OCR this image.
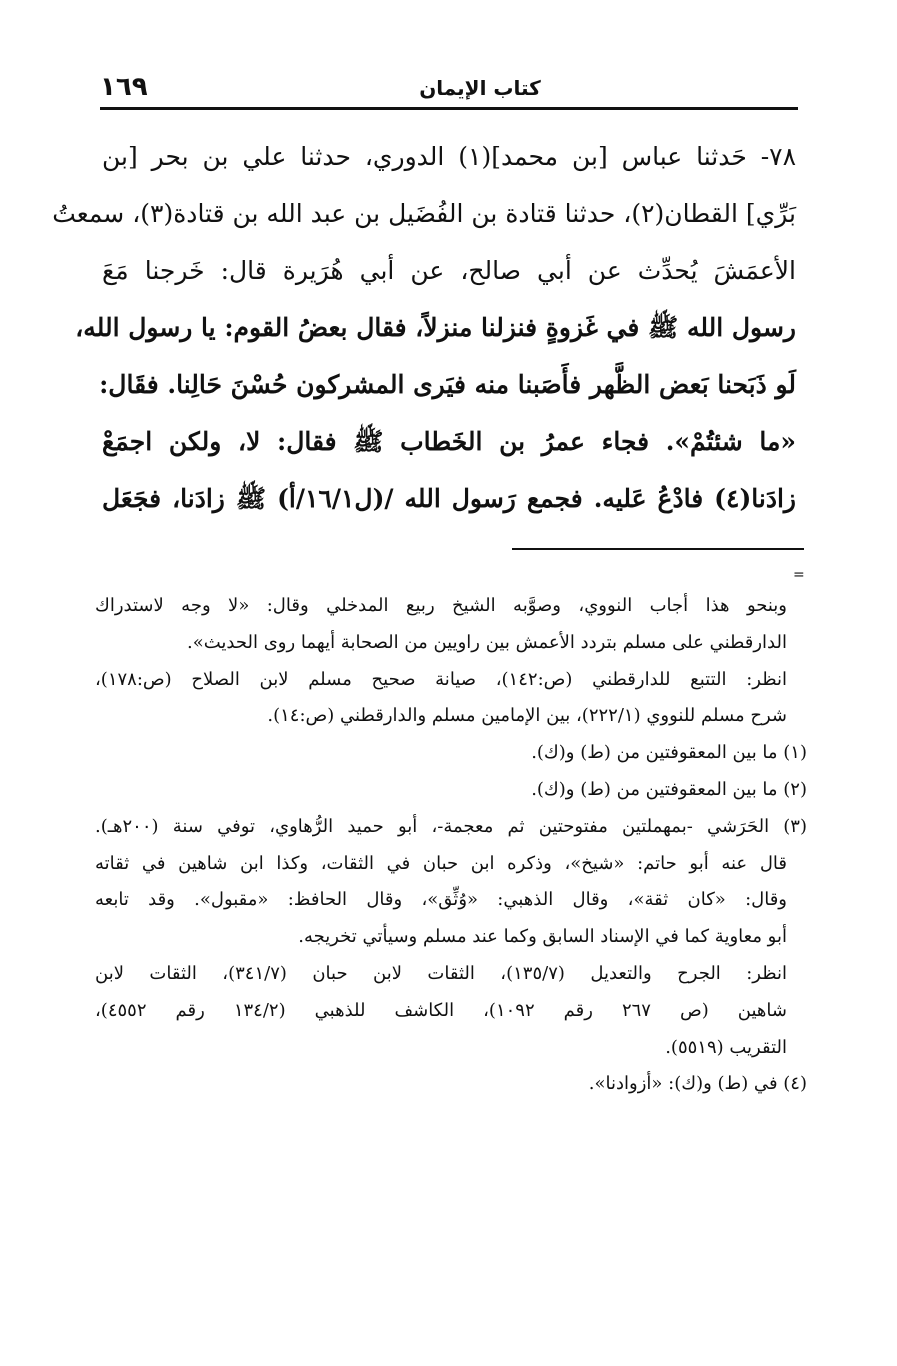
١٦٩	كتاب الإيمان
٧٨- حَدثنا عباس [بن محمد](١) الدوري، حدثنا علي بن بحر [بن
بَرِّي] القطان(٢)، حدثنا قتادة بن الفُضَيل بن عبد الله بن قتادة(٣)، سمعتُ
الأعمَشَ يُحدِّث عن أبي صالح، عن أبي هُرَيرة قال: خَرجنا مَعَ
رسول الله ﷺ في غَزوةٍ فنزلنا منزلاً، فقال بعضُ القوم: يا رسول الله،
لَو ذَبَحنا بَعض الظَّهر فأَصَبنا منه فيَرى المشركون حُسْنَ حَالِنا. فقَال:
«ما شئتُمْ». فجاء عمرُ بن الخَطاب ﷺ فقال: لا، ولكن اجمَعْ
زادَنا(٤) فادْعُ عَليه. فجمع رَسول الله /(ل١٦/١/أ) ﷺ زادَنا، فجَعَل
=
وبنحو هذا أجاب النووي، وصوَّبه الشيخ ربيع المدخلي وقال: «لا وجه لاستدراك
الدارقطني على مسلم بتردد الأعمش بين راويين من الصحابة أيهما روى الحديث».
انظر: التتبع للدارقطني (ص:١٤٢)، صيانة صحيح مسلم لابن الصلاح (ص:١٧٨)،
شرح مسلم للنووي (٢٢٢/١)، بين الإمامين مسلم والدارقطني (ص:١٤).
(١) ما بين المعقوفتين من (ط) و(ك).
(٢) ما بين المعقوفتين من (ط) و(ك).
(٣) الحَرَشي -بمهملتين مفتوحتين ثم معجمة-، أبو حميد الرُّهاوي، توفي سنة (٢٠٠هـ).
قال عنه أبو حاتم: «شيخ»، وذكره ابن حبان في الثقات، وكذا ابن شاهين في ثقاته
وقال: «كان ثقة»، وقال الذهبي: «وُثِّق»، وقال الحافظ: «مقبول». وقد تابعه
أبو معاوية كما في الإسناد السابق وكما عند مسلم وسيأتي تخريجه.
انظر: الجرح والتعديل (١٣٥/٧)، الثقات لابن حبان (٣٤١/٧)، الثقات لابن
شاهين (ص ٢٦٧ رقم ١٠٩٢)، الكاشف للذهبي (١٣٤/٢ رقم ٤٥٥٢)،
التقريب (٥٥١٩).
(٤) في (ط) و(ك): «أزوادنا».
